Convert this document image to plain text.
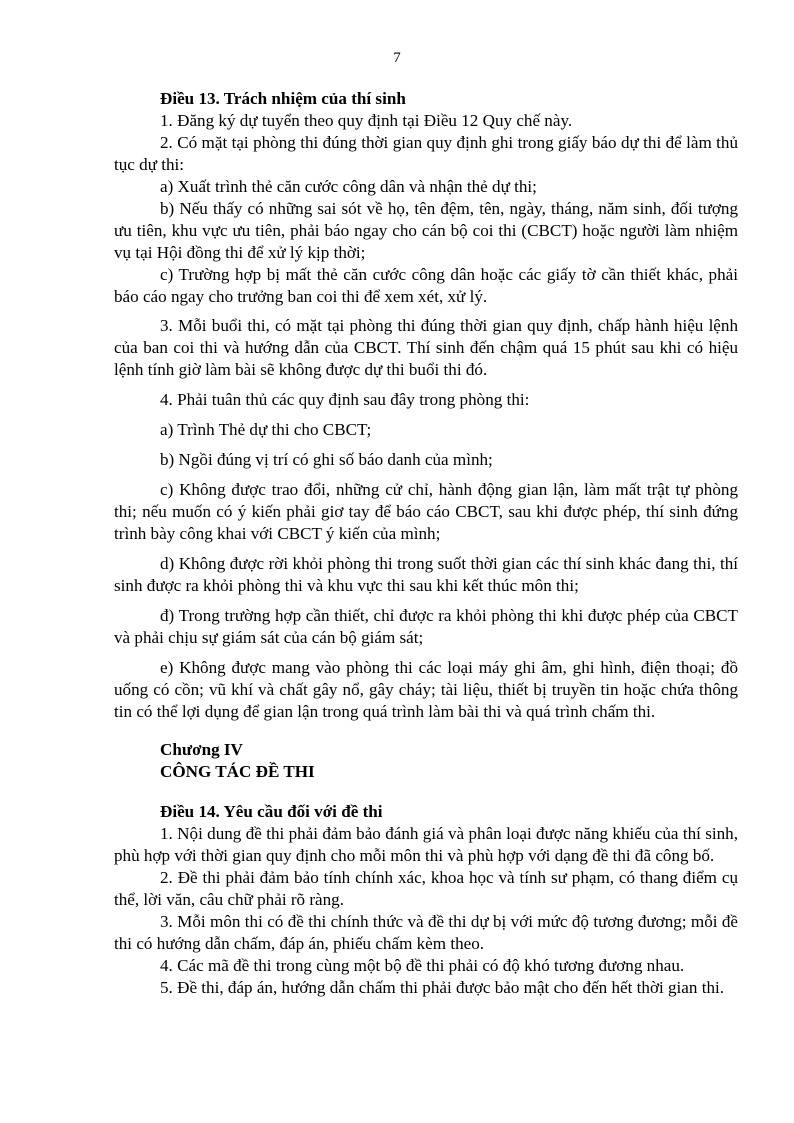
7

Điều 13. Trách nhiệm của thí sinh

1. Đăng ký dự tuyển theo quy định tại Điều 12 Quy chế này.

2. Có mặt tại phòng thi đúng thời gian quy định ghi trong giấy báo dự thi để làm thủ tục dự thi:

a) Xuất trình thẻ căn cước công dân và nhận thẻ dự thi;

b) Nếu thấy có những sai sót về họ, tên đệm, tên, ngày, tháng, năm sinh, đối tượng ưu tiên, khu vực ưu tiên, phải báo ngay cho cán bộ coi thi (CBCT) hoặc người làm nhiệm vụ tại Hội đồng thi để xử lý kịp thời;

c) Trường hợp bị mất thẻ căn cước công dân hoặc các giấy tờ cần thiết khác, phải báo cáo ngay cho trưởng ban coi thi để xem xét, xử lý.

3. Mỗi buổi thi, có mặt tại phòng thi đúng thời gian quy định, chấp hành hiệu lệnh của ban coi thi và hướng dẫn của CBCT. Thí sinh đến chậm quá 15 phút sau khi có hiệu lệnh tính giờ làm bài sẽ không được dự thi buổi thi đó.

4. Phải tuân thủ các quy định sau đây trong phòng thi:

a) Trình Thẻ dự thi cho CBCT;

b) Ngồi đúng vị trí có ghi số báo danh của mình;

c) Không được trao đổi, những cử chỉ, hành động gian lận, làm mất trật tự phòng thi; nếu muốn có ý kiến phải giơ tay để báo cáo CBCT, sau khi được phép, thí sinh đứng trình bày công khai với CBCT ý kiến của mình;

d) Không được rời khỏi phòng thi trong suốt thời gian các thí sinh khác đang thi, thí sinh được ra khỏi phòng thi và khu vực thi sau khi kết thúc môn thi;

đ) Trong trường hợp cần thiết, chỉ được ra khỏi phòng thi khi được phép của CBCT và phải chịu sự giám sát của cán bộ giám sát;

e) Không được mang vào phòng thi các loại máy ghi âm, ghi hình, điện thoại; đồ uống có cồn; vũ khí và chất gây nổ, gây cháy; tài liệu, thiết bị truyền tin hoặc chứa thông tin có thể lợi dụng để gian lận trong quá trình làm bài thi và quá trình chấm thi.

Chương IV

CÔNG TÁC ĐỀ THI

Điều 14. Yêu cầu đối với đề thi

1. Nội dung đề thi phải đảm bảo đánh giá và phân loại được năng khiếu của thí sinh, phù hợp với thời gian quy định cho mỗi môn thi và phù hợp với dạng đề thi đã công bố.

2. Đề thi phải đảm bảo tính chính xác, khoa học và tính sư phạm, có thang điểm cụ thể, lời văn, câu chữ phải rõ ràng.

3. Mỗi môn thi có đề thi chính thức và đề thi dự bị với mức độ tương đương; mỗi đề thi có hướng dẫn chấm, đáp án, phiếu chấm kèm theo.

4. Các mã đề thi trong cùng một bộ đề thi phải có độ khó tương đương nhau.

5. Đề thi, đáp án, hướng dẫn chấm thi phải được bảo mật cho đến hết thời gian thi.
